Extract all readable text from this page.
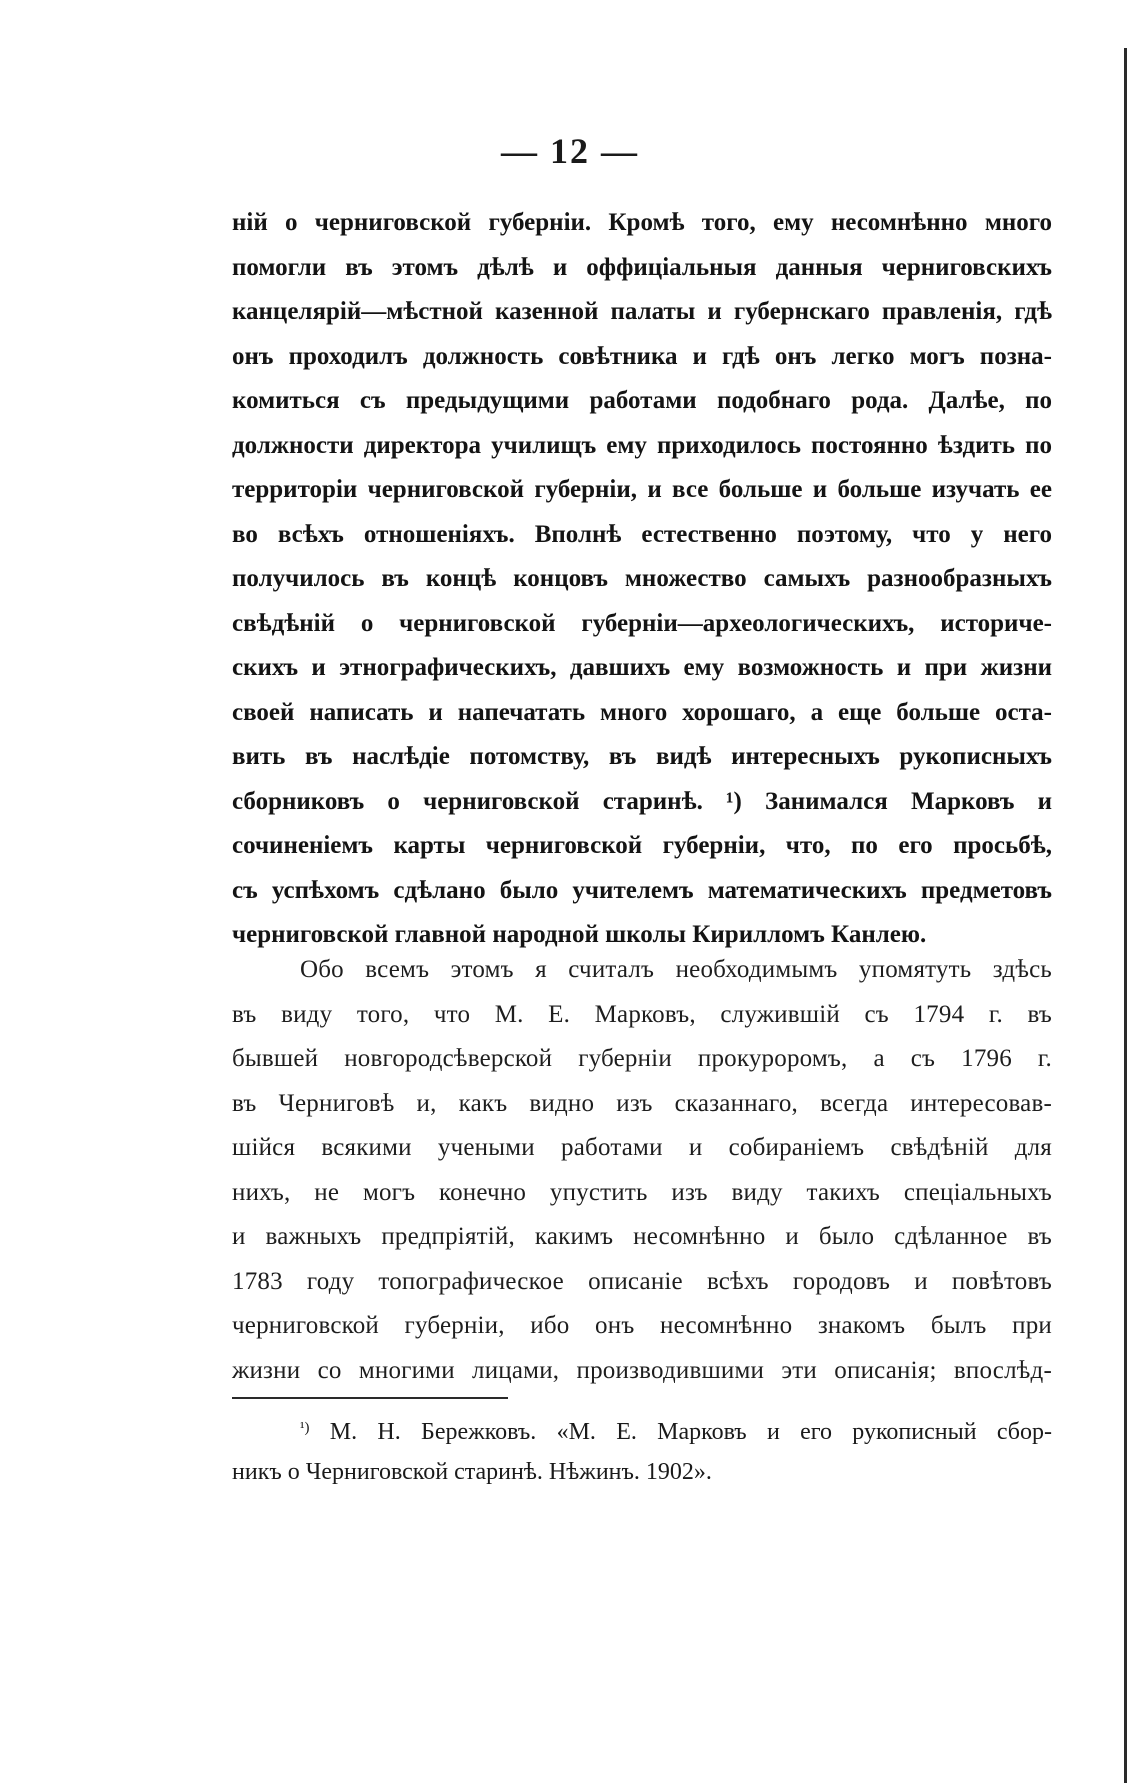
— 12 —
ній о черниговской губерніи. Кромѣ того, ему несомнѣнно много
помогли въ этомъ дѣлѣ и оффиціальныя данныя черниговскихъ
канцелярій—мѣстной казенной палаты и губернскаго правленія, гдѣ
онъ проходилъ должность совѣтника и гдѣ онъ легко могъ позна-
комиться съ предыдущими работами подобнаго рода. Далѣе, по
должности директора училищъ ему приходилось постоянно ѣздить по
территоріи черниговской губерніи, и все больше и больше изучать ее
во всѣхъ отношеніяхъ. Вполнѣ естественно поэтому, что у него
получилось въ концѣ концовъ множество самыхъ разнообразныхъ
свѣдѣній о черниговской губерніи—археологическихъ, историче-
скихъ и этнографическихъ, давшихъ ему возможность и при жизни
своей написать и напечатать много хорошаго, а еще больше оста-
вить въ наслѣдіе потомству, въ видѣ интересныхъ рукописныхъ
сборниковъ о черниговской старинѣ. ¹) Занимался Марковъ и
сочиненіемъ карты черниговской губерніи, что, по его просьбѣ,
съ успѣхомъ сдѣлано было учителемъ математическихъ предметовъ
черниговской главной народной школы Кирилломъ Канлею.
Обо всемъ этомъ я считалъ необходимымъ упомятуть здѣсь
въ виду того, что М. Е. Марковъ, служившій съ 1794 г. въ
бывшей новгородсѣверской губерніи прокуроромъ, а съ 1796 г.
въ Черниговѣ и, какъ видно изъ сказаннаго, всегда интересовав-
шійся всякими учеными работами и собираніемъ свѣдѣній для
нихъ, не могъ конечно упустить изъ виду такихъ спеціальныхъ
и важныхъ предпріятій, какимъ несомнѣнно и было сдѣланное въ
1783 году топографическое описаніе всѣхъ городовъ и повѣтовъ
черниговской губерніи, ибо онъ несомнѣнно знакомъ былъ при
жизни со многими лицами, производившими эти описанія; впослѣд-
$^{^1)}$ М. Н. Бережковъ. «М. Е. Марковъ и его рукописный сбор-
никъ о Черниговской старинѣ. Нѣжинъ. 1902».
